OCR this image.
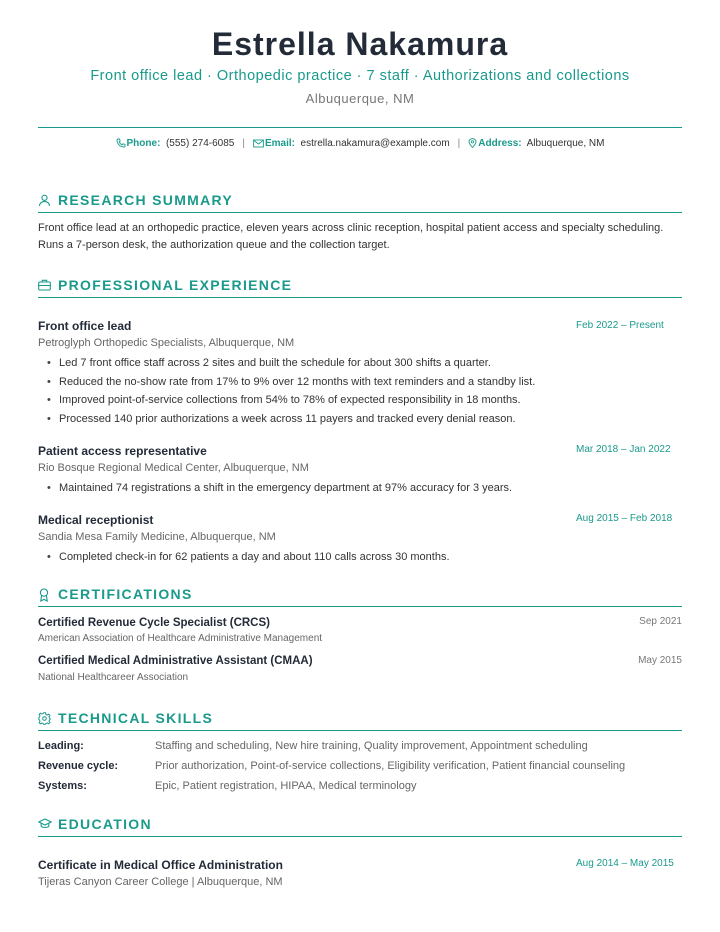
Estrella Nakamura
Front office lead · Orthopedic practice · 7 staff · Authorizations and collections
Albuquerque, NM
Phone: (555) 274-6085 | Email: estrella.nakamura@example.com | Address: Albuquerque, NM
RESEARCH SUMMARY
Front office lead at an orthopedic practice, eleven years across clinic reception, hospital patient access and specialty scheduling. Runs a 7-person desk, the authorization queue and the collection target.
PROFESSIONAL EXPERIENCE
Front office lead	Feb 2022 – Present
Petroglyph Orthopedic Specialists, Albuquerque, NM
• Led 7 front office staff across 2 sites and built the schedule for about 300 shifts a quarter.
• Reduced the no-show rate from 17% to 9% over 12 months with text reminders and a standby list.
• Improved point-of-service collections from 54% to 78% of expected responsibility in 18 months.
• Processed 140 prior authorizations a week across 11 payers and tracked every denial reason.
Patient access representative	Mar 2018 – Jan 2022
Rio Bosque Regional Medical Center, Albuquerque, NM
• Maintained 74 registrations a shift in the emergency department at 97% accuracy for 3 years.
Medical receptionist	Aug 2015 – Feb 2018
Sandia Mesa Family Medicine, Albuquerque, NM
• Completed check-in for 62 patients a day and about 110 calls across 30 months.
CERTIFICATIONS
Certified Revenue Cycle Specialist (CRCS)	Sep 2021
American Association of Healthcare Administrative Management
Certified Medical Administrative Assistant (CMAA)	May 2015
National Healthcareer Association
TECHNICAL SKILLS
Leading:	Staffing and scheduling, New hire training, Quality improvement, Appointment scheduling
Revenue cycle:	Prior authorization, Point-of-service collections, Eligibility verification, Patient financial counseling
Systems:	Epic, Patient registration, HIPAA, Medical terminology
EDUCATION
Certificate in Medical Office Administration	Aug 2014 – May 2015
Tijeras Canyon Career College | Albuquerque, NM
